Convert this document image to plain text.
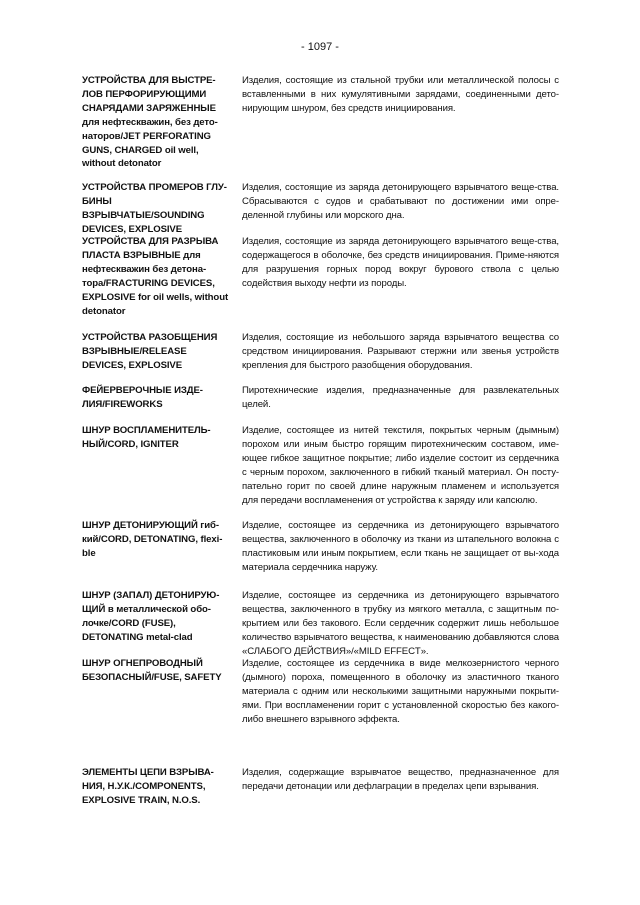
- 1097 -
УСТРОЙСТВА ДЛЯ ВЫСТРЕ-ЛОВ ПЕРФОРИРУЮЩИМИ СНАРЯДАМИ ЗАРЯЖЕННЫЕ для нефтескважин, без дето-наторов/JET PERFORATING GUNS, CHARGED oil well, without detonator
Изделия, состоящие из стальной трубки или металлической полосы с вставленными в них кумулятивными зарядами, соединенными дето-нирующим шнуром, без средств инициирования.
УСТРОЙСТВА ПРОМЕРОВ ГЛУ-БИНЫ ВЗРЫВЧАТЫЕ/SOUNDING DEVICES, EXPLOSIVE
Изделия, состоящие из заряда детонирующего взрывчатого веще-ства. Сбрасываются с судов и срабатывают по достижении ими опре-деленной глубины или морского дна.
УСТРОЙСТВА ДЛЯ РАЗРЫВА ПЛАСТА ВЗРЫВНЫЕ для нефтескважин без детона-тора/FRACTURING DEVICES, EXPLOSIVE for oil wells, without detonator
Изделия, состоящие из заряда детонирующего взрывчатого веще-ства, содержащегося в оболочке, без средств инициирования. Приме-няются для разрушения горных пород вокруг бурового ствола с целью содействия выходу нефти из породы.
УСТРОЙСТВА РАЗОБЩЕНИЯ ВЗРЫВНЫЕ/RELEASE DEVICES, EXPLOSIVE
Изделия, состоящие из небольшого заряда взрывчатого вещества со средством инициирования. Разрывают стержни или звенья устройств крепления для быстрого разобщения оборудования.
ФЕЙЕРВЕРОЧНЫЕ ИЗДЕ-ЛИЯ/FIREWORKS
Пиротехнические изделия, предназначенные для развлекательных целей.
ШНУР ВОСПЛАМЕНИТЕЛЬ-НЫЙ/CORD, IGNITER
Изделие, состоящее из нитей текстиля, покрытых черным (дымным) порохом или иным быстро горящим пиротехническим составом, име-ющее гибкое защитное покрытие; либо изделие состоит из сердечника с черным порохом, заключенного в гибкий тканый материал. Он посту-пательно горит по своей длине наружным пламенем и используется для передачи воспламенения от устройства к заряду или капсюлю.
ШНУР ДЕТОНИРУЮЩИЙ гиб-кий/CORD, DETONATING, flexi-ble
Изделие, состоящее из сердечника из детонирующего взрывчатого вещества, заключенного в оболочку из ткани из штапельного волокна с пластиковым или иным покрытием, если ткань не защищает от вы-хода материала сердечника наружу.
ШНУР (ЗАПАЛ) ДЕТОНИРУЮ-ЩИЙ в металлической обо-лочке/CORD (FUSE), DETONATING metal-clad
Изделие, состоящее из сердечника из детонирующего взрывчатого вещества, заключенного в трубку из мягкого металла, с защитным по-крытием или без такового. Если сердечник содержит лишь небольшое количество взрывчатого вещества, к наименованию добавляются слова «СЛАБОГО ДЕЙСТВИЯ»/«MILD EFFECT».
ШНУР ОГНЕПРОВОДНЫЙ БЕЗОПАСНЫЙ/FUSE, SAFETY
Изделие, состоящее из сердечника в виде мелкозернистого черного (дымного) пороха, помещенного в оболочку из эластичного тканого материала с одним или несколькими защитными наружными покрыти-ями. При воспламенении горит с установленной скоростью без какого-либо внешнего взрывного эффекта.
ЭЛЕМЕНТЫ ЦЕПИ ВЗРЫВА-НИЯ, Н.У.К./COMPONENTS, EXPLOSIVE TRAIN, N.O.S.
Изделия, содержащие взрывчатое вещество, предназначенное для передачи детонации или дефлаграции в пределах цепи взрывания.
